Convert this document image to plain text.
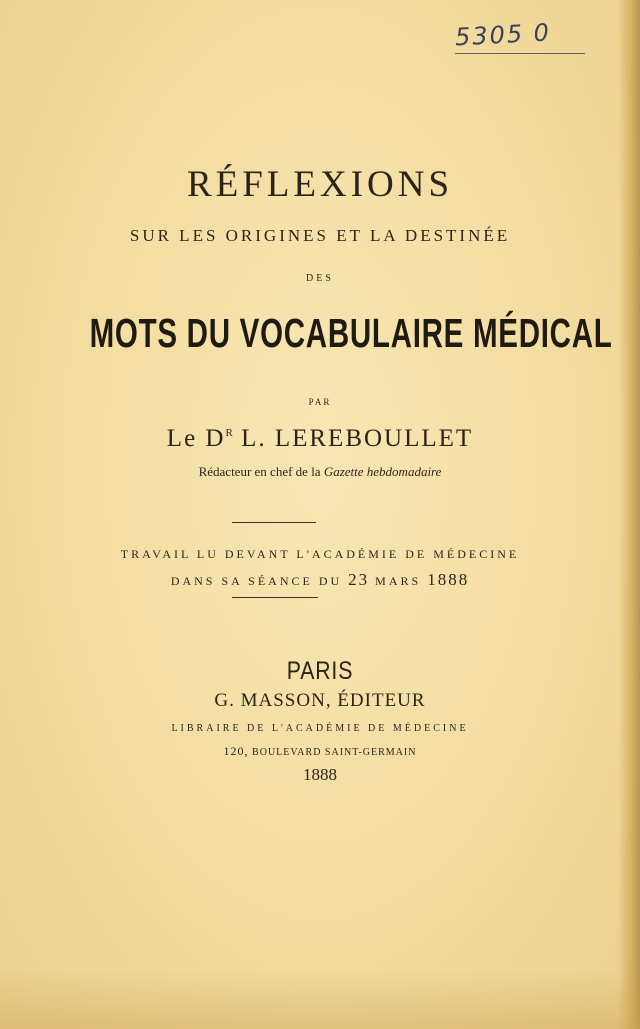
5305 0
RÉFLEXIONS
SUR LES ORIGINES ET LA DESTINÉE
DES
MOTS DU VOCABULAIRE MÉDICAL
PAR
Le $D^R$ L. LEREBOULLET
Rédacteur en chef de la Gazette hebdomadaire
TRAVAIL LU DEVANT L'ACADÉMIE DE MÉDECINE
DANS SA SÉANCE DU 23 MARS 1888
PARIS
G. MASSON, ÉDITEUR
LIBRAIRE DE L'ACADÉMIE DE MÉDECINE
120, BOULEVARD SAINT-GERMAIN
1888
